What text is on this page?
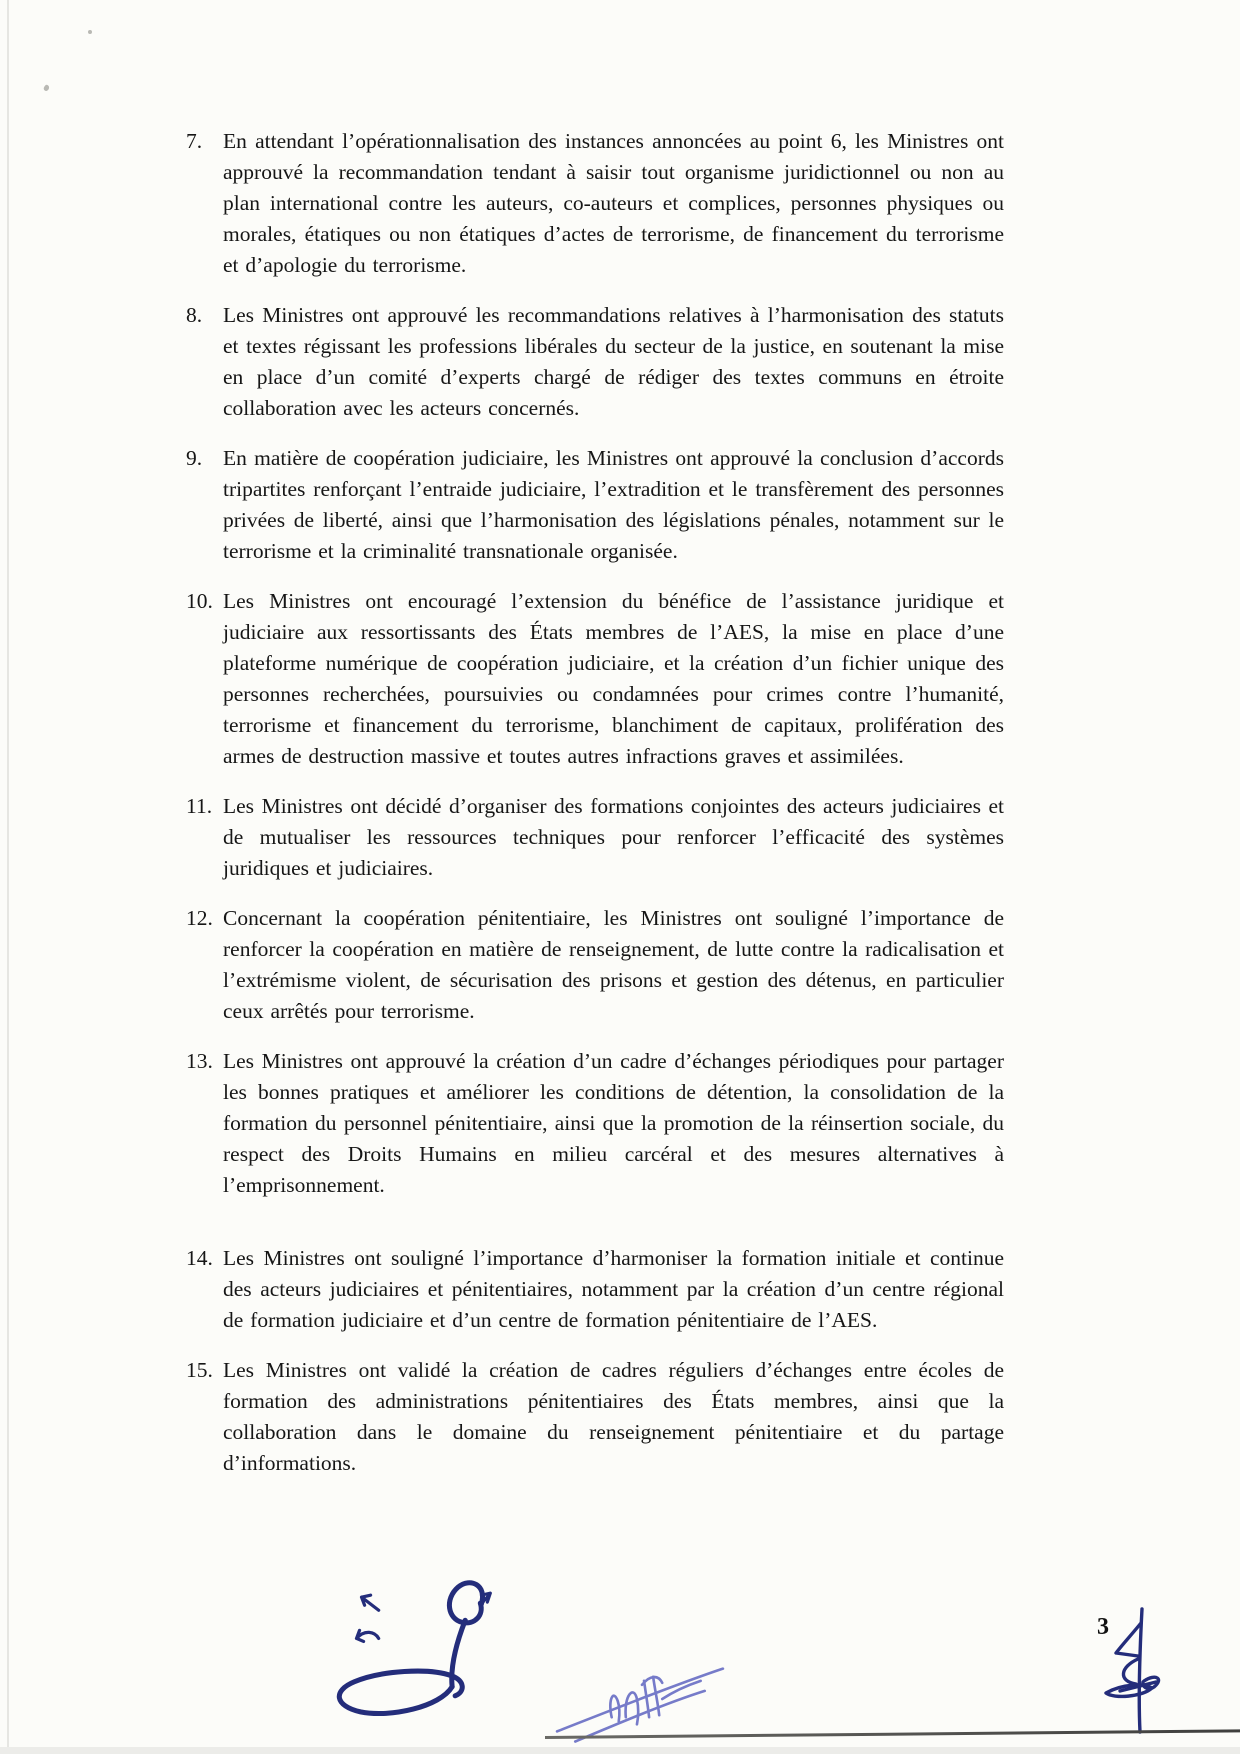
7. En attendant l’opérationnalisation des instances annoncées au point 6, les Ministres ont approuvé la recommandation tendant à saisir tout organisme juridictionnel ou non au plan international contre les auteurs, co-auteurs et complices, personnes physiques ou morales, étatiques ou non étatiques d’actes de terrorisme, de financement du terrorisme et d’apologie du terrorisme.
8. Les Ministres ont approuvé les recommandations relatives à l’harmonisation des statuts et textes régissant les professions libérales du secteur de la justice, en soutenant la mise en place d’un comité d’experts chargé de rédiger des textes communs en étroite collaboration avec les acteurs concernés.
9. En matière de coopération judiciaire, les Ministres ont approuvé la conclusion d’accords tripartites renforçant l’entraide judiciaire, l’extradition et le transfèrement des personnes privées de liberté, ainsi que l’harmonisation des législations pénales, notamment sur le terrorisme et la criminalité transnationale organisée.
10. Les Ministres ont encouragé l’extension du bénéfice de l’assistance juridique et judiciaire aux ressortissants des États membres de l’AES, la mise en place d’une plateforme numérique de coopération judiciaire, et la création d’un fichier unique des personnes recherchées, poursuivies ou condamnées pour crimes contre l’humanité, terrorisme et financement du terrorisme, blanchiment de capitaux, prolifération des armes de destruction massive et toutes autres infractions graves et assimilées.
11. Les Ministres ont décidé d’organiser des formations conjointes des acteurs judiciaires et de mutualiser les ressources techniques pour renforcer l’efficacité des systèmes juridiques et judiciaires.
12. Concernant la coopération pénitentiaire, les Ministres ont souligné l’importance de renforcer la coopération en matière de renseignement, de lutte contre la radicalisation et l’extrémisme violent, de sécurisation des prisons et gestion des détenus, en particulier ceux arrêtés pour terrorisme.
13. Les Ministres ont approuvé la création d’un cadre d’échanges périodiques pour partager les bonnes pratiques et améliorer les conditions de détention, la consolidation de la formation du personnel pénitentiaire, ainsi que la promotion de la réinsertion sociale, du respect des Droits Humains en milieu carcéral et des mesures alternatives à l’emprisonnement.
14. Les Ministres ont souligné l’importance d’harmoniser la formation initiale et continue des acteurs judiciaires et pénitentiaires, notamment par la création d’un centre régional de formation judiciaire et d’un centre de formation pénitentiaire de l’AES.
15. Les Ministres ont validé la création de cadres réguliers d’échanges entre écoles de formation des administrations pénitentiaires des États membres, ainsi que la collaboration dans le domaine du renseignement pénitentiaire et du partage d’informations.
3
